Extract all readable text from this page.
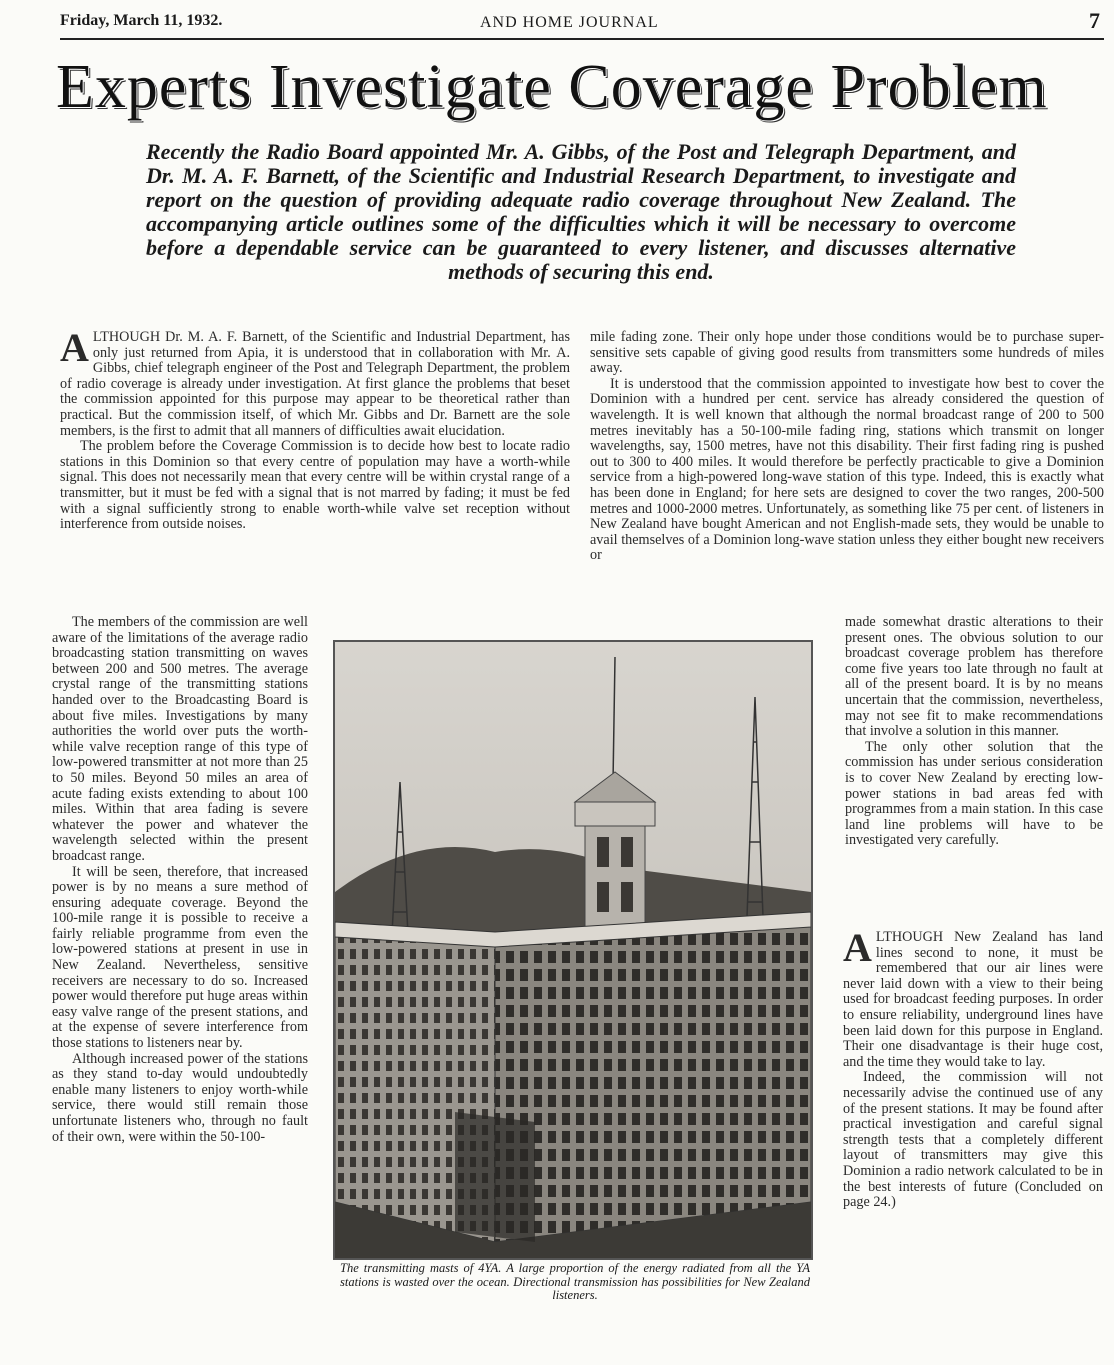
Friday, March 11, 1932.	AND HOME JOURNAL	7
Experts Investigate Coverage Problem
Recently the Radio Board appointed Mr. A. Gibbs, of the Post and Telegraph Department, and Dr. M. A. F. Barnett, of the Scientific and Industrial Research Department, to investigate and report on the question of providing adequate radio coverage throughout New Zealand. The accompanying article outlines some of the difficulties which it will be necessary to overcome before a dependable service can be guaranteed to every listener, and discusses alternative methods of securing this end.

ALTHOUGH Dr. M. A. F. Barnett, of the Scientific and Industrial Department, has only just returned from Apia, it is understood that in collaboration with Mr. A. Gibbs, chief telegraph engineer of the Post and Telegraph Department, the problem of radio coverage is already under investigation. At first glance the problems that beset the commission appointed for this purpose may appear to be theoretical rather than practical. But the commission itself, of which Mr. Gibbs and Dr. Barnett are the sole members, is the first to admit that all manners of difficulties await elucidation.

The problem before the Coverage Commission is to decide how best to locate radio stations in this Dominion so that every centre of population may have a worth-while signal. This does not necessarily mean that every centre will be within crystal range of a transmitter, but it must be fed with a signal that is not marred by fading; it must be fed with a signal sufficiently strong to enable worth-while valve set reception without interference from outside noises.

mile fading zone. Their only hope under those conditions would be to purchase super-sensitive sets capable of giving good results from transmitters some hundreds of miles away.

It is understood that the commission appointed to investigate how best to cover the Dominion with a hundred per cent. service has already considered the question of wavelength. It is well known that although the normal broadcast range of 200 to 500 metres inevitably has a 50-100-mile fading ring, stations which transmit on longer wavelengths, say, 1500 metres, have not this disability. Their first fading ring is pushed out to 300 to 400 miles. It would therefore be perfectly practicable to give a Dominion service from a high-powered long-wave station of this type. Indeed, this is exactly what has been done in England; for here sets are designed to cover the two ranges, 200-500 metres and 1000-2000 metres. Unfortunately, as something like 75 per cent. of listeners in New Zealand have bought American and not English-made sets, they would be unable to avail themselves of a Dominion long-wave station unless they either bought new receivers or

The members of the commission are well aware of the limitations of the average radio broadcasting station transmitting on waves between 200 and 500 metres. The average crystal range of the transmitting stations handed over to the Broadcasting Board is about five miles. Investigations by many authorities the world over puts the worth-while valve reception range of this type of low-powered transmitter at not more than 25 to 50 miles. Beyond 50 miles an area of acute fading exists extending to about 100 miles. Within that area fading is severe whatever the power and whatever the wavelength selected within the present broadcast range.

It will be seen, therefore, that increased power is by no means a sure method of ensuring adequate coverage. Beyond the 100-mile range it is possible to receive a fairly reliable programme from even the low-powered stations at present in use in New Zealand. Nevertheless, sensitive receivers are necessary to do so. Increased power would therefore put huge areas within easy valve range of the present stations, and at the expense of severe interference from those stations to listeners near by.

Although increased power of the stations as they stand to-day would undoubtedly enable many listeners to enjoy worth-while service, there would still remain those unfortunate listeners who, through no fault of their own, were within the 50-100-

The transmitting masts of 4YA. A large proportion of the energy radiated from all the YA stations is wasted over the ocean. Directional transmission has possibilities for New Zealand listeners.

made somewhat drastic alterations to their present ones. The obvious solution to our broadcast coverage problem has therefore come five years too late through no fault at all of the present board. It is by no means uncertain that the commission, nevertheless, may not see fit to make recommendations that involve a solution in this manner.

The only other solution that the commission has under serious consideration is to cover New Zealand by erecting low-power stations in bad areas fed with programmes from a main station. In this case land line problems will have to be investigated very carefully.

ALTHOUGH New Zealand has land lines second to none, it must be remembered that our air lines were never laid down with a view to their being used for broadcast feeding purposes. In order to ensure reliability, underground lines have been laid down for this purpose in England. Their one disadvantage is their huge cost, and the time they would take to lay.

Indeed, the commission will not necessarily advise the continued use of any of the present stations. It may be found after practical investigation and careful signal strength tests that a completely different layout of transmitters may give this Dominion a radio network calculated to be in the best interests of future (Concluded on page 24.)
